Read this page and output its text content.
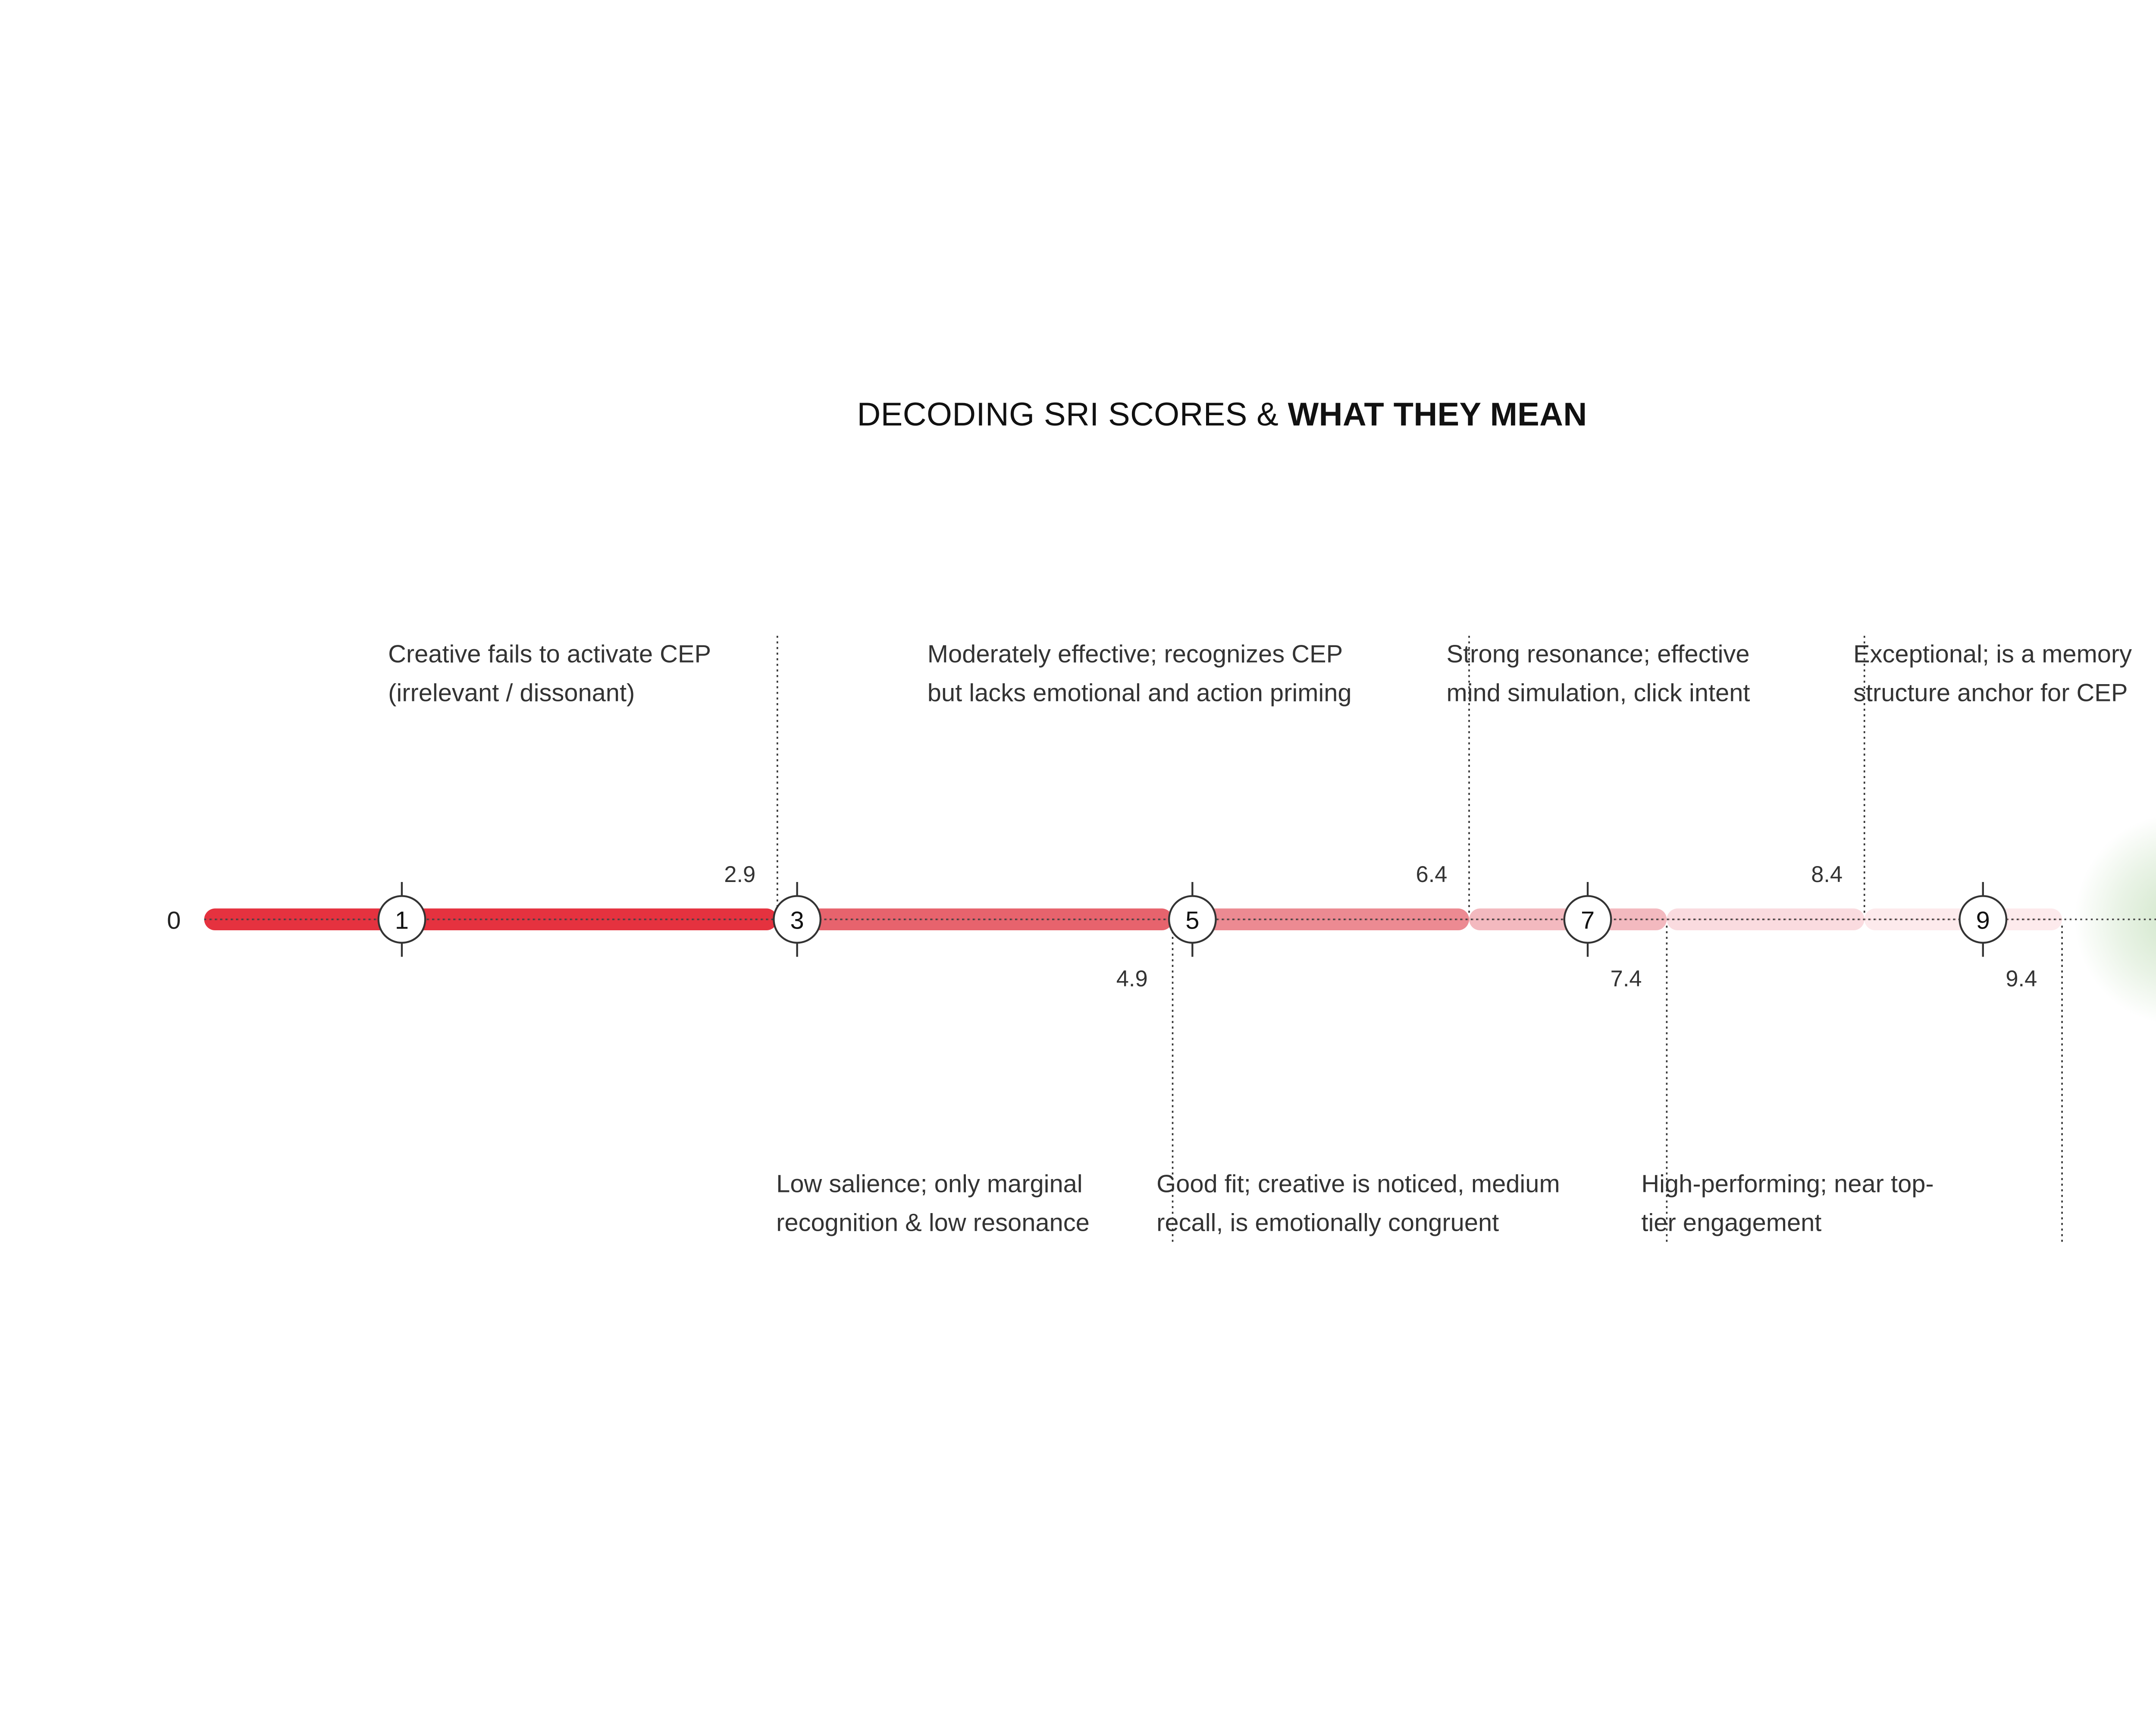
DECODING SRI SCORES & WHAT THEY MEAN
1	3	5	7	9
2.9
4.9
6.4
7.4
8.4
9.4
0

Creative fails to activate CEP
(irrelevant / dissonant)

Low salience; only marginal
recognition & low resonance

Moderately effective; recognizes CEP
but lacks emotional and action priming

Good fit; creative is noticed, medium
recall, is emotionally congruent

Strong resonance; effective
mind simulation, click intent

High-performing; near top-
tier engagement

Exceptional; is a memory
structure anchor for CEP
